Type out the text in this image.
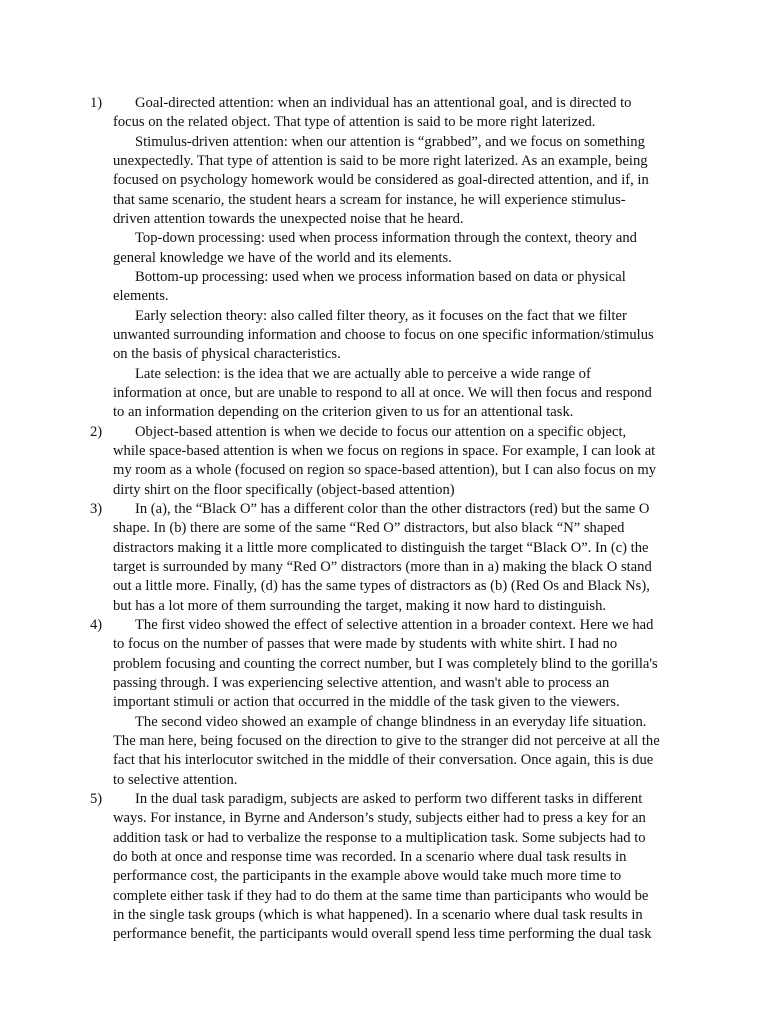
1) Goal-directed attention: when an individual has an attentional goal, and is directed to
focus on the related object. That type of attention is said to be more right laterized.
Stimulus-driven attention: when our attention is “grabbed”, and we focus on something
unexpectedly. That type of attention is said to be more right laterized. As an example, being
focused on psychology homework would be considered as goal-directed attention, and if, in
that same scenario, the student hears a scream for instance, he will experience stimulus-
driven attention towards the unexpected noise that he heard.
Top-down processing: used when process information through the context, theory and
general knowledge we have of the world and its elements.
Bottom-up processing: used when we process information based on data or physical
elements.
Early selection theory: also called filter theory, as it focuses on the fact that we filter
unwanted surrounding information and choose to focus on one specific information/stimulus
on the basis of physical characteristics.
Late selection: is the idea that we are actually able to perceive a wide range of
information at once, but are unable to respond to all at once. We will then focus and respond
to an information depending on the criterion given to us for an attentional task.
2) Object-based attention is when we decide to focus our attention on a specific object,
while space-based attention is when we focus on regions in space. For example, I can look at
my room as a whole (focused on region so space-based attention), but I can also focus on my
dirty shirt on the floor specifically (object-based attention)
3) In (a), the “Black O” has a different color than the other distractors (red) but the same O
shape. In (b) there are some of the same “Red O” distractors, but also black “N” shaped
distractors making it a little more complicated to distinguish the target “Black O”. In (c) the
target is surrounded by many “Red O” distractors (more than in a) making the black O stand
out a little more. Finally, (d) has the same types of distractors as (b) (Red Os and Black Ns),
but has a lot more of them surrounding the target, making it now hard to distinguish.
4) The first video showed the effect of selective attention in a broader context. Here we had
to focus on the number of passes that were made by students with white shirt. I had no
problem focusing and counting the correct number, but I was completely blind to the gorilla's
passing through. I was experiencing selective attention, and wasn't able to process an
important stimuli or action that occurred in the middle of the task given to the viewers.
The second video showed an example of change blindness in an everyday life situation.
The man here, being focused on the direction to give to the stranger did not perceive at all the
fact that his interlocutor switched in the middle of their conversation. Once again, this is due
to selective attention.
5) In the dual task paradigm, subjects are asked to perform two different tasks in different
ways. For instance, in Byrne and Anderson’s study, subjects either had to press a key for an
addition task or had to verbalize the response to a multiplication task. Some subjects had to
do both at once and response time was recorded. In a scenario where dual task results in
performance cost, the participants in the example above would take much more time to
complete either task if they had to do them at the same time than participants who would be
in the single task groups (which is what happened). In a scenario where dual task results in
performance benefit, the participants would overall spend less time performing the dual task
